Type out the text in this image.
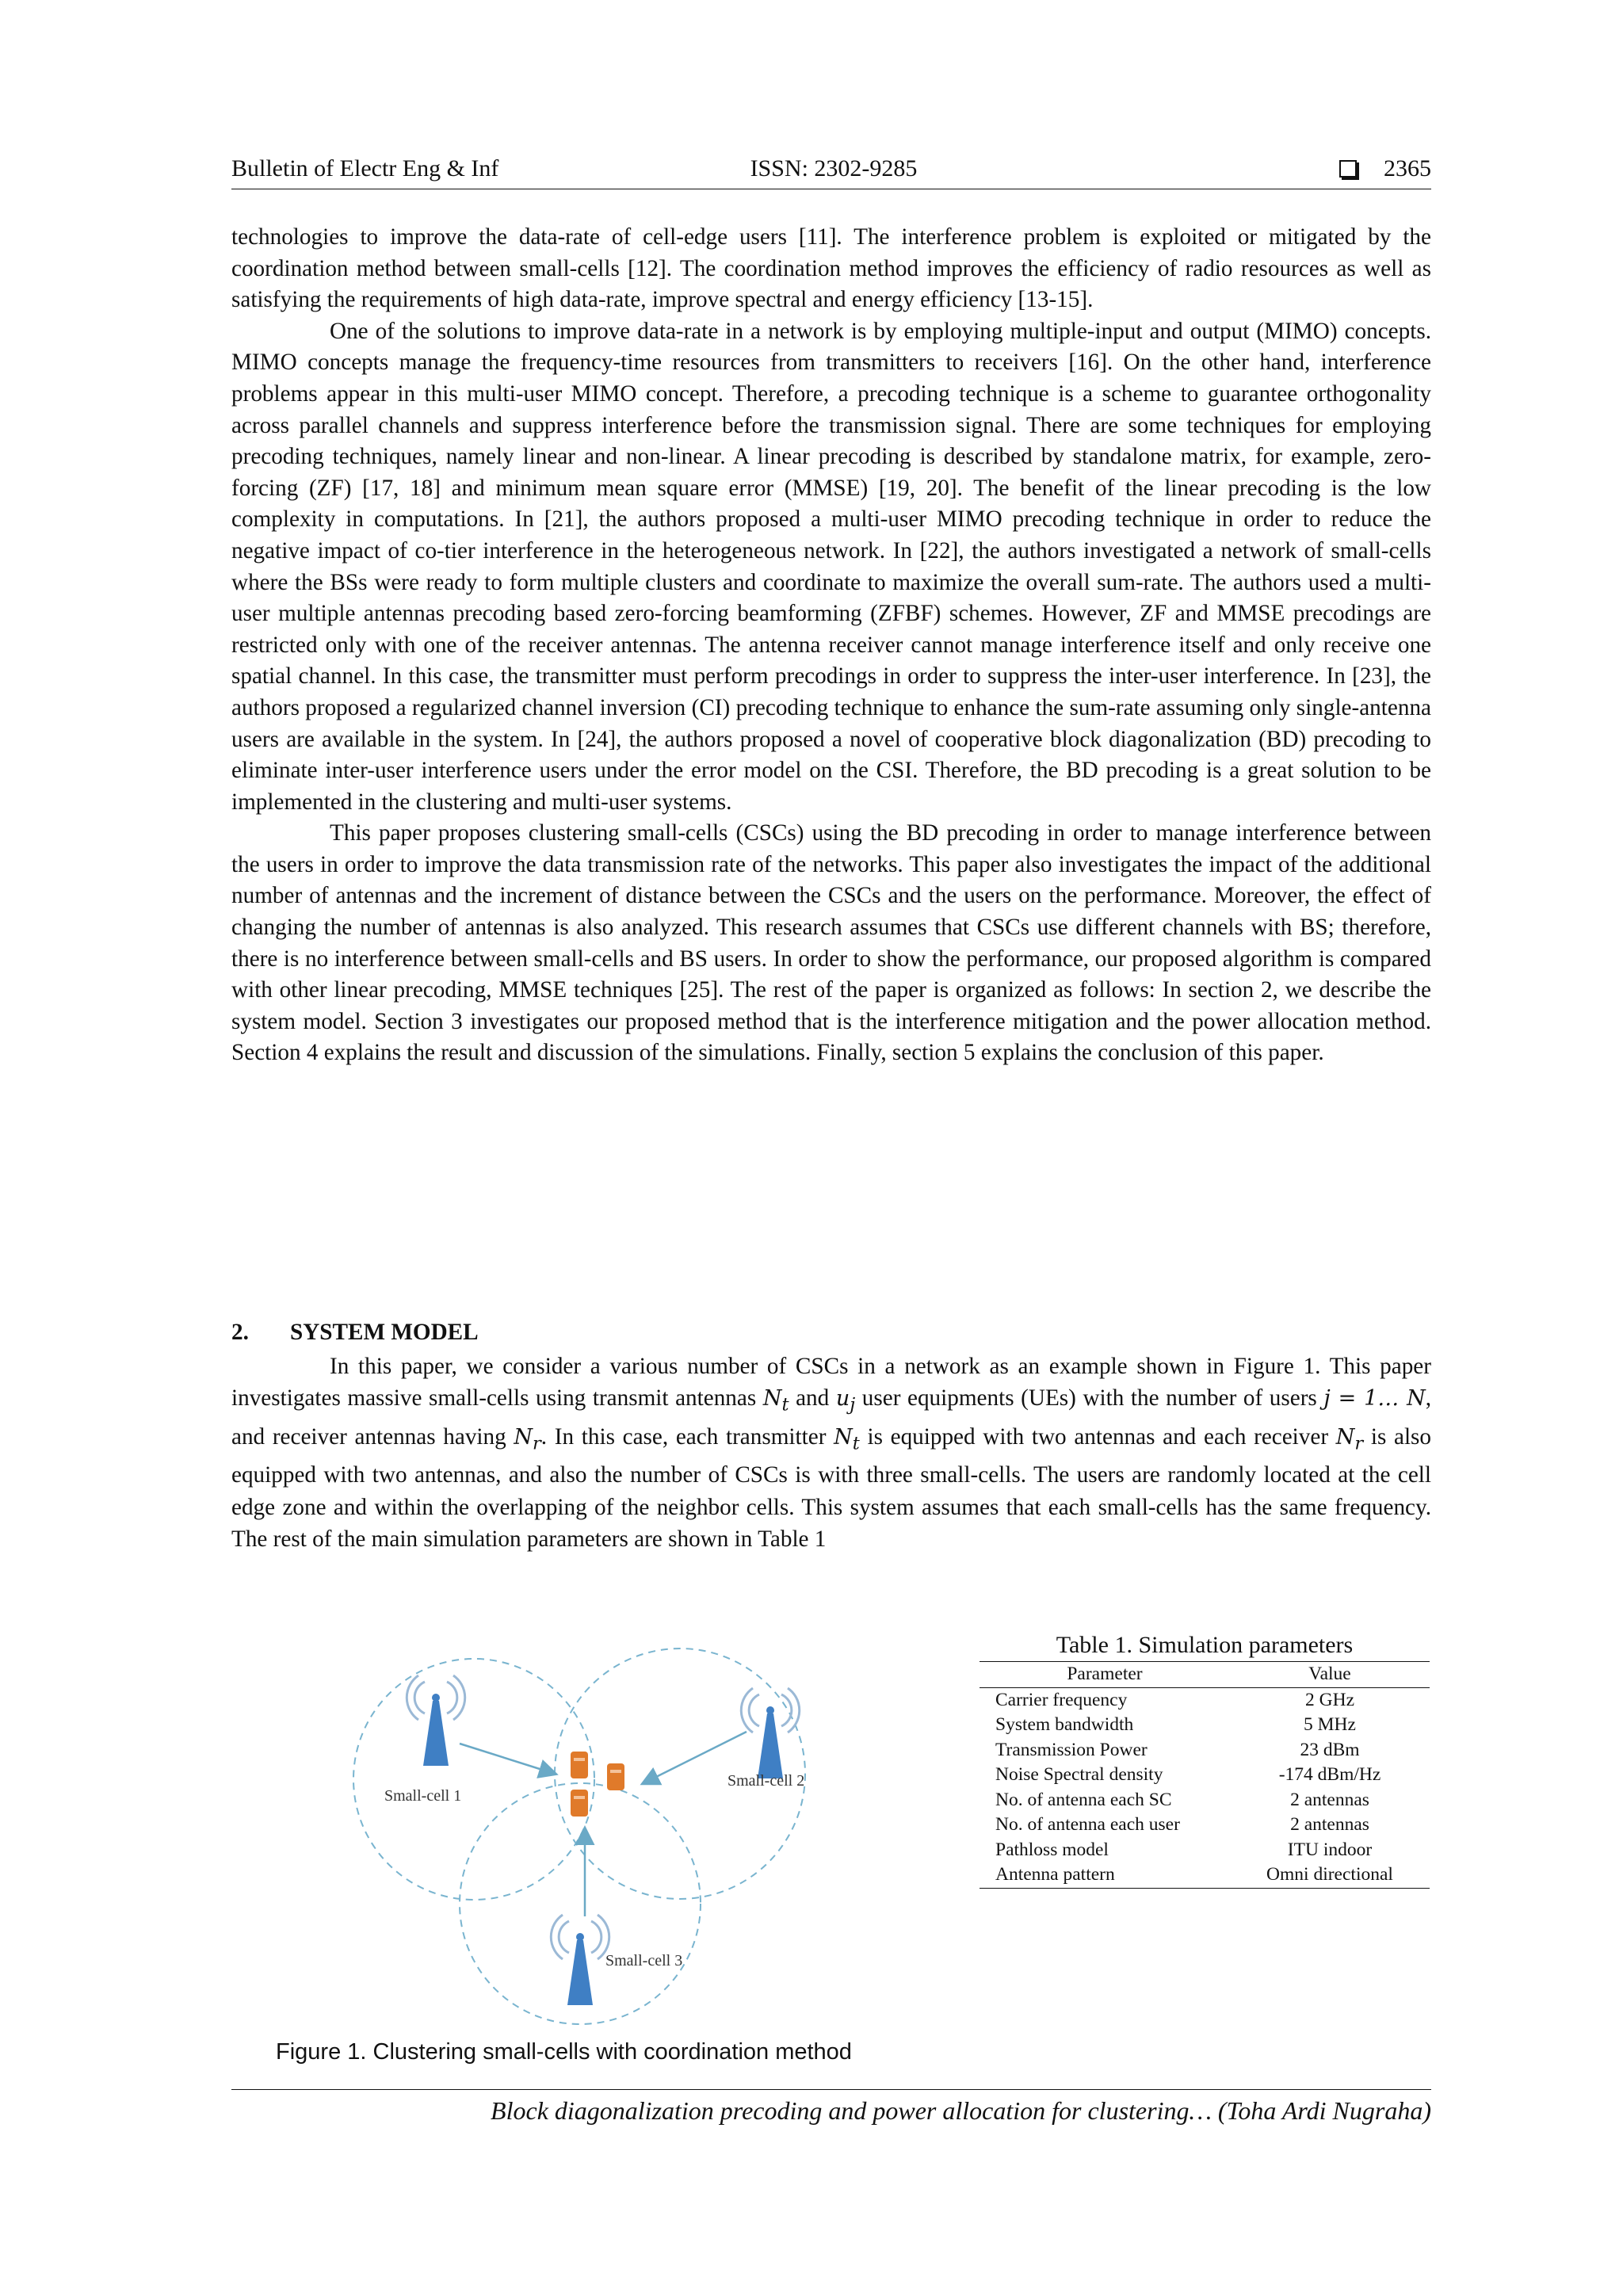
Bulletin of Electr Eng & Inf	ISSN: 2302-9285	2365

technologies to improve the data-rate of cell-edge users [11]. The interference problem is exploited or mitigated by the coordination method between small-cells [12]. The coordination method improves the efficiency of radio resources as well as satisfying the requirements of high data-rate, improve spectral and energy efficiency [13-15].

One of the solutions to improve data-rate in a network is by employing multiple-input and output (MIMO) concepts. MIMO concepts manage the frequency-time resources from transmitters to receivers [16]. On the other hand, interference problems appear in this multi-user MIMO concept. Therefore, a precoding technique is a scheme to guarantee orthogonality across parallel channels and suppress interference before the transmission signal. There are some techniques for employing precoding techniques, namely linear and non-linear. A linear precoding is described by standalone matrix, for example, zero-forcing (ZF) [17, 18] and minimum mean square error (MMSE) [19, 20]. The benefit of the linear precoding is the low complexity in computations. In [21], the authors proposed a multi-user MIMO precoding technique in order to reduce the negative impact of co-tier interference in the heterogeneous network. In [22], the authors investigated a network of small-cells where the BSs were ready to form multiple clusters and coordinate to maximize the overall sum-rate. The authors used a multi-user multiple antennas precoding based zero-forcing beamforming (ZFBF) schemes. However, ZF and MMSE precodings are restricted only with one of the receiver antennas. The antenna receiver cannot manage interference itself and only receive one spatial channel. In this case, the transmitter must perform precodings in order to suppress the inter-user interference. In [23], the authors proposed a regularized channel inversion (CI) precoding technique to enhance the sum-rate assuming only single-antenna users are available in the system. In [24], the authors proposed a novel of cooperative block diagonalization (BD) precoding to eliminate inter-user interference users under the error model on the CSI. Therefore, the BD precoding is a great solution to be implemented in the clustering and multi-user systems.

This paper proposes clustering small-cells (CSCs) using the BD precoding in order to manage interference between the users in order to improve the data transmission rate of the networks. This paper also investigates the impact of the additional number of antennas and the increment of distance between the CSCs and the users on the performance. Moreover, the effect of changing the number of antennas is also analyzed. This research assumes that CSCs use different channels with BS; therefore, there is no interference between small-cells and BS users. In order to show the performance, our proposed algorithm is compared with other linear precoding, MMSE techniques [25]. The rest of the paper is organized as follows: In section 2, we describe the system model. Section 3 investigates our proposed method that is the interference mitigation and the power allocation method. Section 4 explains the result and discussion of the simulations. Finally, section 5 explains the conclusion of this paper.

2. SYSTEM MODEL

In this paper, we consider a various number of CSCs in a network as an example shown in Figure 1. This paper investigates massive small-cells using transmit antennas $N_t$ and $u_j$ user equipments (UEs) with the number of users j = 1… N, and receiver antennas having $N_r$. In this case, each transmitter $N_t$ is equipped with two antennas and each receiver $N_r$ is also equipped with two antennas, and also the number of CSCs is with three small-cells. The users are randomly located at the cell edge zone and within the overlapping of the neighbor cells. This system assumes that each small-cells has the same frequency. The rest of the main simulation parameters are shown in Table 1

Small-cell 1
Small-cell 2
Small-cell 3
Figure 1. Clustering small-cells with coordination method
Table 1. Simulation parameters
Parameter	Value
Carrier frequency	2 GHz
System bandwidth	5 MHz
Transmission Power	23 dBm
Noise Spectral density	-174 dBm/Hz
No. of antenna each SC	2 antennas
No. of antenna each user	2 antennas
Pathloss model	ITU indoor
Antenna pattern	Omni directional
Block diagonalization precoding and power allocation for clustering… (Toha Ardi Nugraha)
